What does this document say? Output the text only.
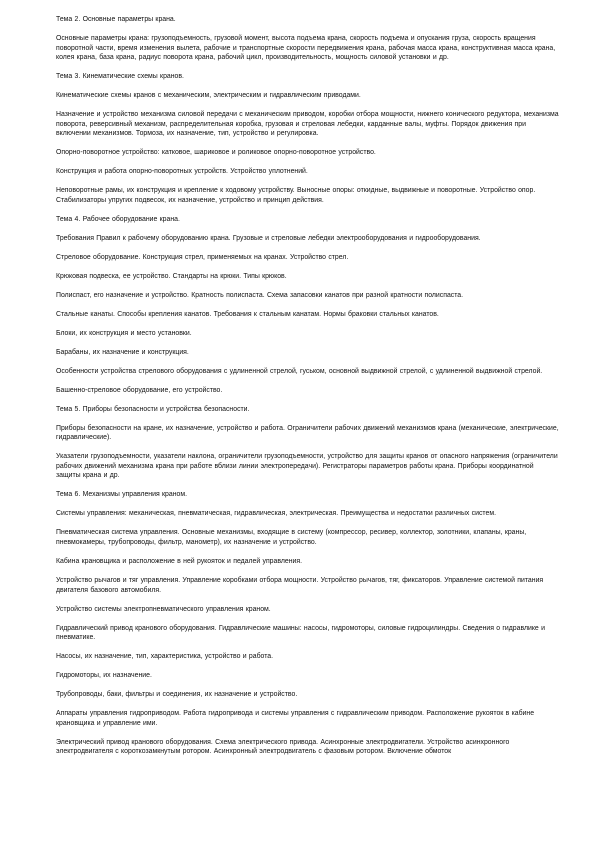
Тема 2. Основные параметры крана.

Основные параметры крана: грузоподъемность, грузовой момент, высота подъема крана, скорость подъема и опускания груза, скорость вращения поворотной части, время изменения вылета, рабочие и транспортные скорости передвижения крана, рабочая масса крана, конструктивная масса крана, колея крана, база крана, радиус поворота крана, рабочий цикл, производительность, мощность силовой установки и др.

Тема 3. Кинематические схемы кранов.

Кинематические схемы кранов с механическим, электрическим и гидравлическим приводами.

Назначение и устройство механизма силовой передачи с механическим приводом, коробки отбора мощности, нижнего конического редуктора, механизма поворота, реверсивный механизм, распределительная коробка, грузовая и стреловая лебедки, карданные валы, муфты. Порядок движения при включении механизмов. Тормоза, их назначение, тип, устройство и регулировка.

Опорно-поворотное устройство: катковое, шариковое и роликовое опорно-поворотное устройство.

Конструкция и работа опорно-поворотных устройств. Устройство уплотнений.

Неповоротные рамы, их конструкция и крепление к ходовому устройству. Выносные опоры: откидные, выдвижные и поворотные. Устройство опор. Стабилизаторы упругих подвесок, их назначение, устройство и принцип действия.

Тема 4. Рабочее оборудование крана.

Требования Правил к рабочему оборудованию крана. Грузовые и стреловые лебедки электрооборудования и гидрооборудования.

Стреловое оборудование. Конструкция стрел, применяемых на кранах. Устройство стрел.

Крюковая подвеска, ее устройство. Стандарты на крюки. Типы крюков.

Полиспаст, его назначение и устройство. Кратность полиспаста. Схема запасовки канатов при разной кратности полиспаста.

Стальные канаты. Способы крепления канатов. Требования к стальным канатам. Нормы браковки стальных канатов.

Блоки, их конструкция и место установки.

Барабаны, их назначение и конструкция.

Особенности устройства стрелового оборудования с удлиненной стрелой, гуськом, основной выдвижной стрелой, с удлиненной выдвижной стрелой.

Башенно-стреловое оборудование, его устройство.

Тема 5. Приборы безопасности и устройства безопасности.

Приборы безопасности на кране, их назначение, устройство и работа. Ограничители рабочих движений механизмов крана (механические, электрические, гидравлические).

Указатели грузоподъемности, указатели наклона, ограничители грузоподъемности, устройство для защиты кранов от опасного напряжения (ограничители рабочих движений механизма крана при работе вблизи линии электропередачи). Регистраторы параметров работы крана. Приборы координатной защиты крана и др.

Тема 6. Механизмы управления краном.

Системы управления: механическая, пневматическая, гидравлическая, электрическая. Преимущества и недостатки различных систем.

Пневматическая система управления. Основные механизмы, входящие в систему (компрессор, ресивер, коллектор, золотники, клапаны, краны, пневмокамеры, трубопроводы, фильтр, манометр), их назначение и устройство.

Кабина крановщика и расположение в ней рукояток и педалей управления.

Устройство рычагов и тяг управления. Управление коробками отбора мощности. Устройство рычагов, тяг, фиксаторов. Управление системой питания двигателя базового автомобиля.

Устройство системы электропневматического управления краном.

Гидравлический привод кранового оборудования. Гидравлические машины: насосы, гидромоторы, силовые гидроцилиндры. Сведения о гидравлике и пневматике.

Насосы, их назначение, тип, характеристика, устройство и работа.

Гидромоторы, их назначение.

Трубопроводы, баки, фильтры и соединения, их назначение и устройство.

Аппараты управления гидроприводом. Работа гидропривода и системы управления с гидравлическим приводом. Расположение рукояток в кабине крановщика и управление ими.

Электрический привод кранового оборудования. Схема электрического привода. Асинхронные электродвигатели. Устройство асинхронного электродвигателя с короткозамкнутым ротором. Асинхронный электродвигатель с фазовым ротором. Включение обмоток
